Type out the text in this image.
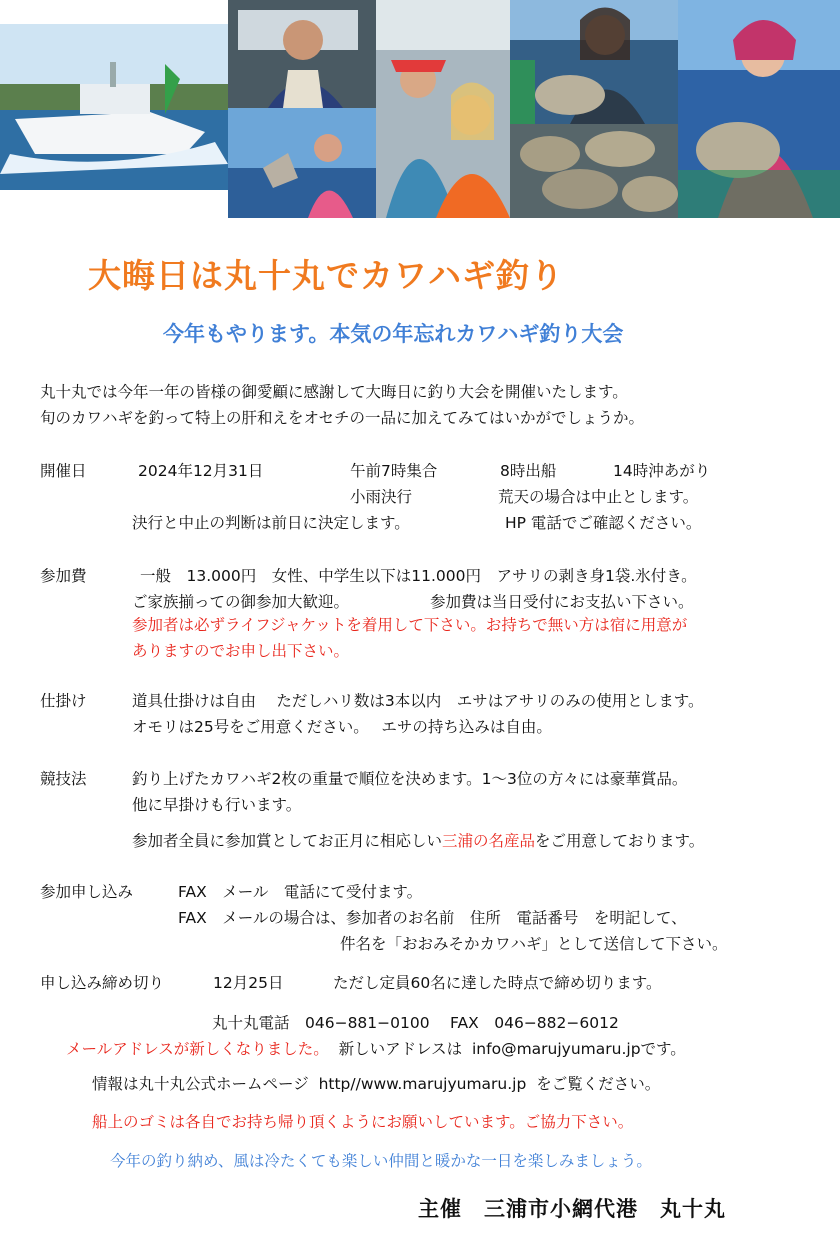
大晦日は丸十丸でカワハギ釣り
今年もやります。本気の年忘れカワハギ釣り大会
丸十丸では今年一年の皆様の御愛顧に感謝して大晦日に釣り大会を開催いたします。
旬のカワハギを釣って特上の肝和えをオセチの一品に加えてみてはいかがでしょうか。
開催日	2024年12月31日	午前7時集合	8時出船	14時沖あがり
小雨決行	荒天の場合は中止とします。
決行と中止の判断は前日に決定します。	HP 電話でご確認ください。
参加費	一般　13.000円　女性、中学生以下は11.000円　アサリの剥き身1袋.氷付き。
ご家族揃っての御参加大歓迎。	参加費は当日受付にお支払い下さい。
参加者は必ずライフジャケットを着用して下さい。お持ちで無い方は宿に用意が
ありますのでお申し出下さい。
仕掛け	道具仕掛けは自由　 ただしハリ数は3本以内　エサはアサリのみの使用とします。
オモリは25号をご用意ください。　 エサの持ち込みは自由。
競技法	釣り上げたカワハギ2枚の重量で順位を決めます。1～3位の方々には豪華賞品。
他に早掛けも行います。
参加者全員に参加賞としてお正月に相応しい三浦の名産品をご用意しております。
参加申し込み	FAX　メール　電話にて受付ます。
FAX　メールの場合は、参加者のお名前　住所　電話番号　を明記して、
件名を「おおみそかカワハギ」として送信して下さい。
申し込み締め切り	12月25日	ただし定員60名に達した時点で締め切ります。
丸十丸電話　046−881−0100　 FAX　046−882−6012
メールアドレスが新しくなりました。 新しいアドレスは info@marujyumaru.jpです。
情報は丸十丸公式ホームページ http//www.marujyumaru.jp をご覧ください。
船上のゴミは各自でお持ち帰り頂くようにお願いしています。ご協力下さい。
今年の釣り納め、風は冷たくても楽しい仲間と暖かな一日を楽しみましょう。
主催　三浦市小網代港　丸十丸
